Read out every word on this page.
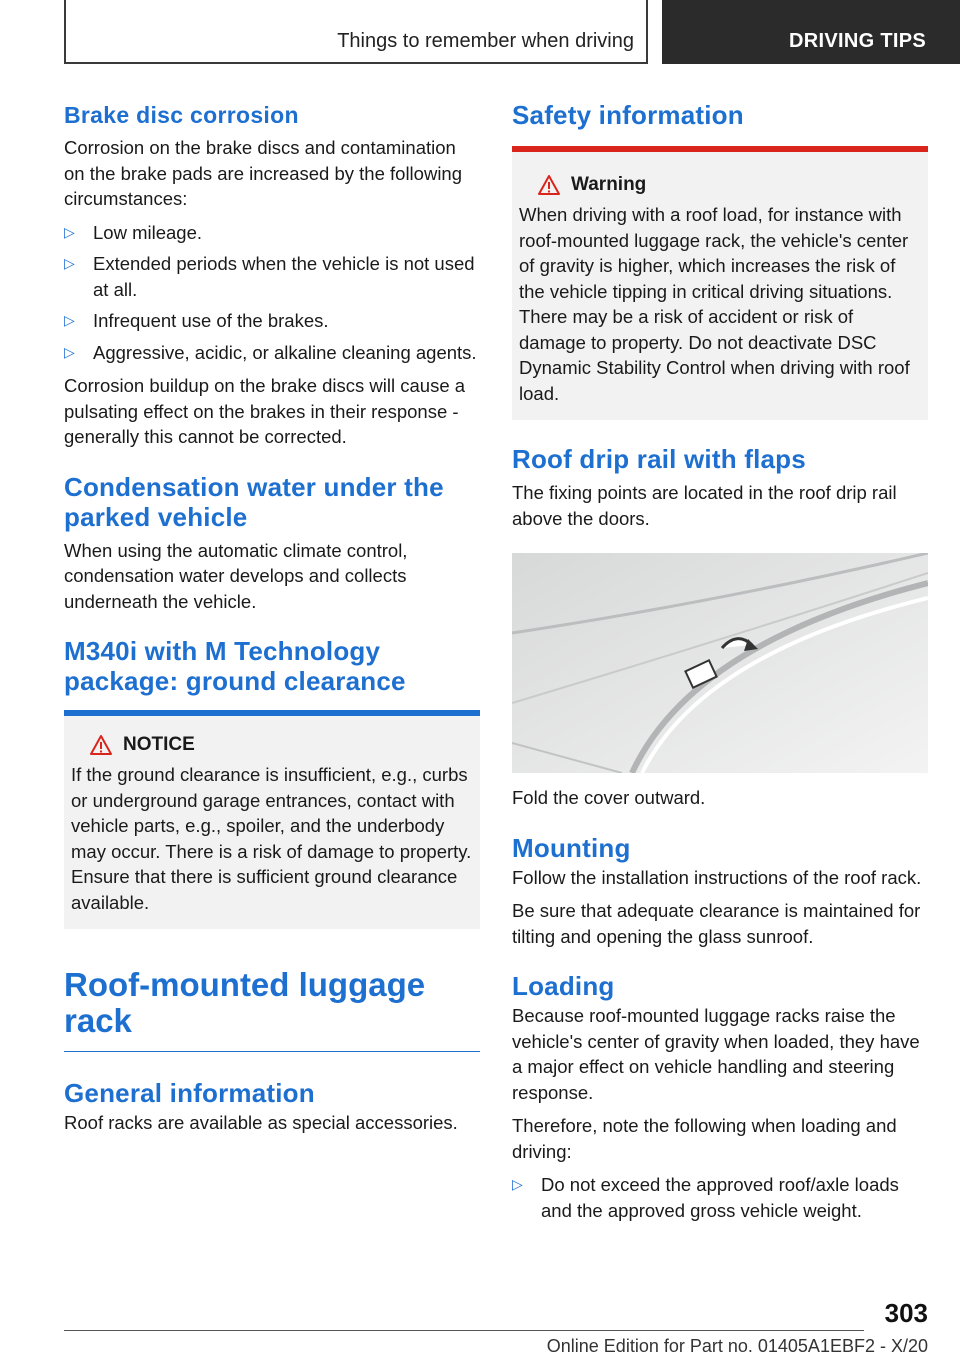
Things to remember when driving	DRIVING TIPS
Brake disc corrosion

Corrosion on the brake discs and contamination on the brake pads are increased by the following circumstances:

▷ Low mileage.
▷ Extended periods when the vehicle is not used at all.
▷ Infrequent use of the brakes.
▷ Aggressive, acidic, or alkaline cleaning agents.

Corrosion buildup on the brake discs will cause a pulsating effect on the brakes in their response - generally this cannot be corrected.

Condensation water under the parked vehicle

When using the automatic climate control, condensation water develops and collects underneath the vehicle.

M340i with M Technology package: ground clearance
NOTICE

If the ground clearance is insufficient, e.g., curbs or underground garage entrances, contact with vehicle parts, e.g., spoiler, and the underbody may occur. There is a risk of damage to property. Ensure that there is sufficient ground clearance available.

Roof-mounted luggage rack
General information

Roof racks are available as special accessories.

Safety information
Warning

When driving with a roof load, for instance with roof-mounted luggage rack, the vehicle's center of gravity is higher, which increases the risk of the vehicle tipping in critical driving situations. There may be a risk of accident or risk of damage to property. Do not deactivate DSC Dynamic Stability Control when driving with roof load.

Roof drip rail with flaps

The fixing points are located in the roof drip rail above the doors.

Fold the cover outward.

Mounting

Follow the installation instructions of the roof rack.

Be sure that adequate clearance is maintained for tilting and opening the glass sunroof.

Loading

Because roof-mounted luggage racks raise the vehicle's center of gravity when loaded, they have a major effect on vehicle handling and steering response.

Therefore, note the following when loading and driving:

▷ Do not exceed the approved roof/axle loads and the approved gross vehicle weight.
303
Online Edition for Part no. 01405A1EBF2 - X/20
